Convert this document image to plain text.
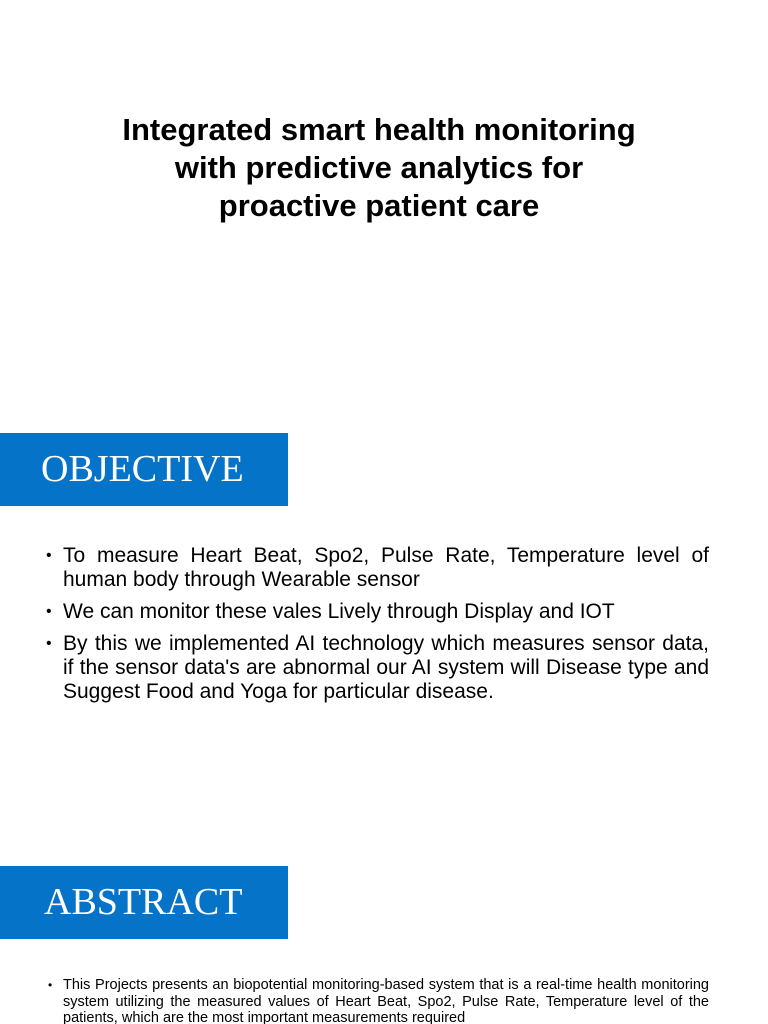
Integrated smart health monitoring
with predictive analytics for
proactive patient care
OBJECTIVE
• To measure Heart Beat, Spo2, Pulse Rate, Temperature level of human body through Wearable sensor
• We can monitor these vales Lively through Display and IOT
• By this we implemented AI technology which measures sensor data, if the sensor data's are abnormal our AI system will Disease type and Suggest Food and Yoga for particular disease.
ABSTRACT
• This Projects presents an biopotential monitoring-based system that is a real-time health monitoring system utilizing the measured values of Heart Beat, Spo2, Pulse Rate, Temperature level of the patients, which are the most important measurements required
